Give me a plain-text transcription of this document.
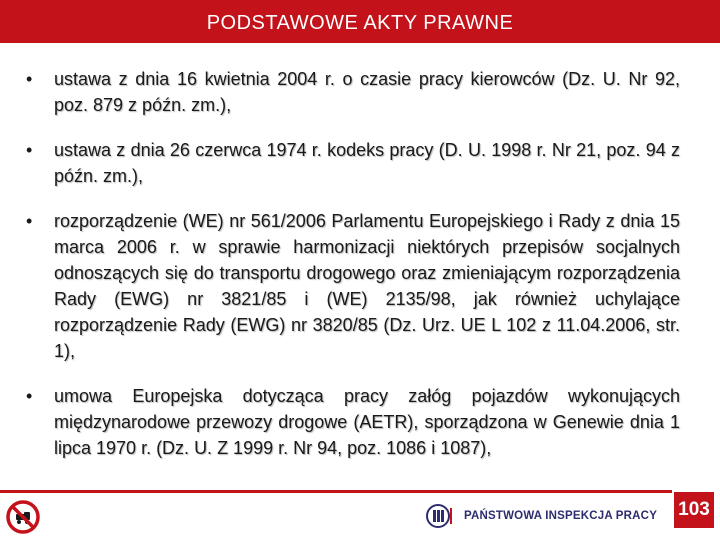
PODSTAWOWE AKTY PRAWNE
•	ustawa z dnia 16 kwietnia 2004 r. o czasie pracy kierowców (Dz. U. Nr 92, poz. 879 z późn. zm.),
•	ustawa z dnia 26 czerwca 1974 r. kodeks pracy (D. U. 1998 r. Nr 21, poz. 94 z późn. zm.),
•	rozporządzenie (WE) nr 561/2006 Parlamentu Europejskiego i Rady z dnia 15 marca 2006 r. w sprawie harmonizacji niektórych przepisów socjalnych odnoszących się do transportu drogowego oraz zmieniającym rozporządzenia Rady (EWG) nr 3821/85 i (WE) 2135/98, jak również uchylające rozporządzenie Rady (EWG) nr 3820/85 (Dz. Urz. UE L 102 z 11.04.2006, str. 1),
•	umowa Europejska dotycząca pracy załóg pojazdów wykonujących międzynarodowe przewozy drogowe (AETR), sporządzona w Genewie dnia 1 lipca 1970 r. (Dz. U. Z 1999 r. Nr 94, poz. 1086 i 1087),
PAŃSTWOWA INSPEKCJA PRACY 103
